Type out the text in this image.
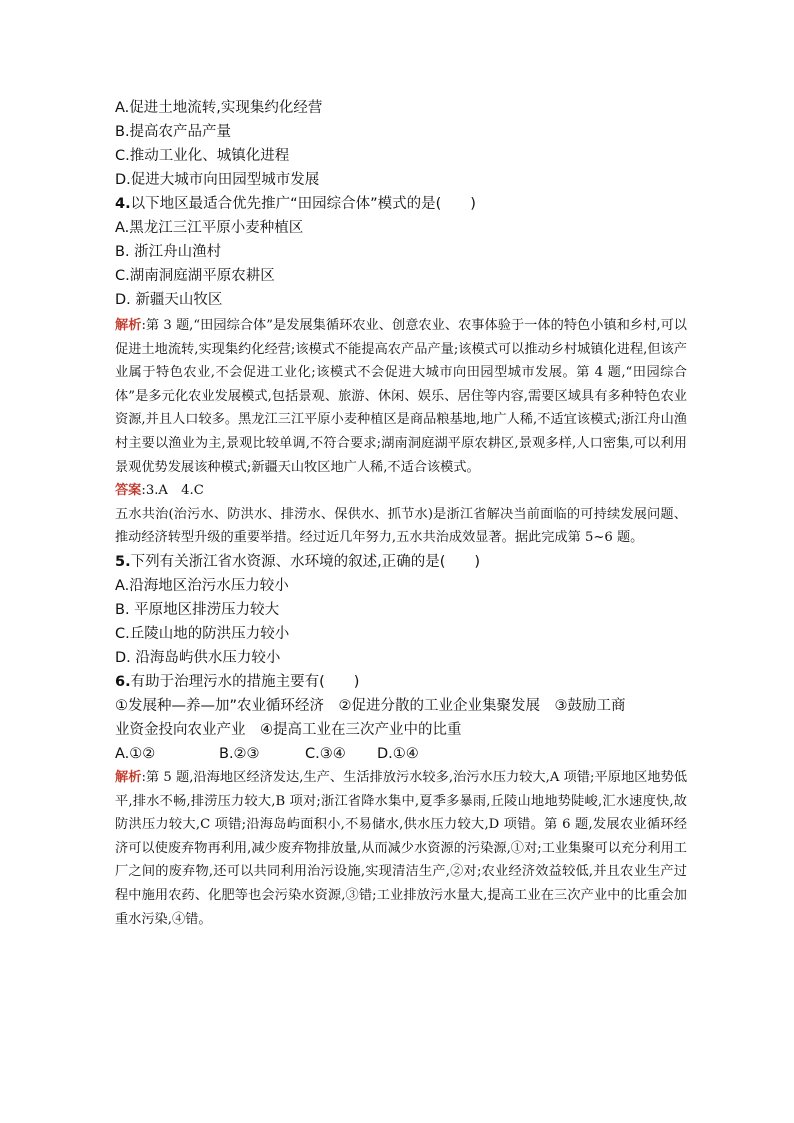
A.促进土地流转,实现集约化经营
B.提高农产品产量
C.推动工业化、城镇化进程
D.促进大城市向田园型城市发展
4.以下地区最适合优先推广“田园综合体”模式的是(　　)
A.黑龙江三江平原小麦种植区
B. 浙江舟山渔村
C.湖南洞庭湖平原农耕区
D. 新疆天山牧区

解析:第 3 题,“田园综合体”是发展集循环农业、创意农业、农事体验于一体的特色小镇和乡村,可以促进土地流转,实现集约化经营;该模式不能提高农产品产量;该模式可以推动乡村城镇化进程,但该产业属于特色农业,不会促进工业化;该模式不会促进大城市向田园型城市发展。第 4 题,“田园综合体”是多元化农业发展模式,包括景观、旅游、休闲、娱乐、居住等内容,需要区域具有多种特色农业资源,并且人口较多。黑龙江三江平原小麦种植区是商品粮基地,地广人稀,不适宜该模式;浙江舟山渔村主要以渔业为主,景观比较单调,不符合要求;湖南洞庭湖平原农耕区,景观多样,人口密集,可以利用景观优势发展该种模式;新疆天山牧区地广人稀,不适合该模式。

答案:3.A　4.C

五水共治(治污水、防洪水、排涝水、保供水、抓节水)是浙江省解决当前面临的可持续发展问题、推动经济转型升级的重要举措。经过近几年努力,五水共治成效显著。据此完成第 5~6 题。

5.下列有关浙江省水资源、水环境的叙述,正确的是(　　)
A.沿海地区治污水压力较小
B. 平原地区排涝压力较大
C.丘陵山地的防洪压力较小
D. 沿海岛屿供水压力较小
6.有助于治理污水的措施主要有(　　)
①发展种—养—加”农业循环经济　②促进分散的工业企业集聚发展　③鼓励工商
业资金投向农业产业　④提高工业在三次产业中的比重
A.①②	B.②③	C.③④ D.①④

解析:第 5 题,沿海地区经济发达,生产、生活排放污水较多,治污水压力较大,A 项错;平原地区地势低平,排水不畅,排涝压力较大,B 项对;浙江省降水集中,夏季多暴雨,丘陵山地地势陡峻,汇水速度快,故防洪压力较大,C 项错;沿海岛屿面积小,不易储水,供水压力较大,D 项错。第 6 题,发展农业循环经济可以使废弃物再利用,减少废弃物排放量,从而减少水资源的污染源,①对;工业集聚可以充分利用工厂之间的废弃物,还可以共同利用治污设施,实现清洁生产,②对;农业经济效益较低,并且农业生产过程中施用农药、化肥等也会污染水资源,③错;工业排放污水量大,提高工业在三次产业中的比重会加重水污染,④错。
